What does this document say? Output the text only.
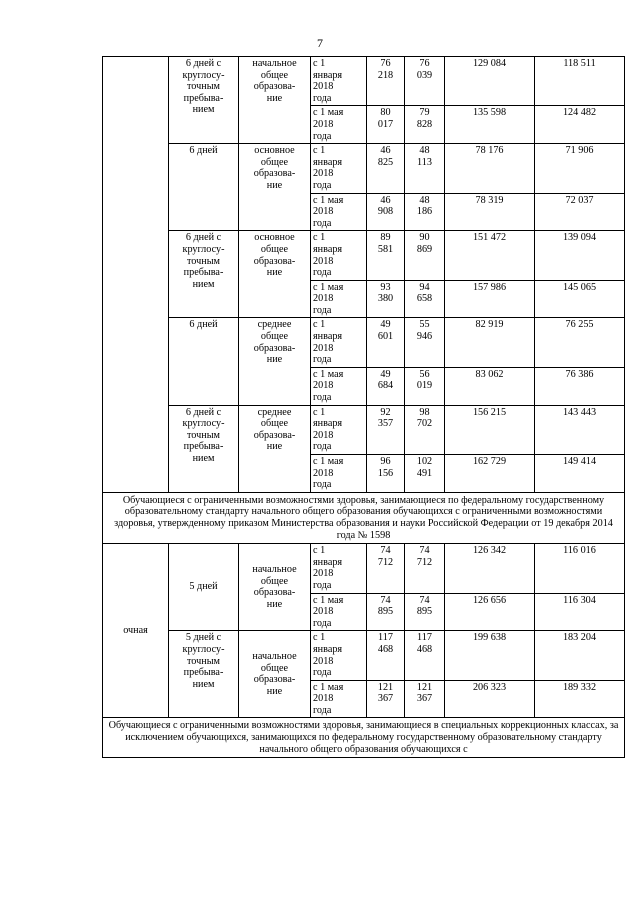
7

	6 дней с
круглосу-
точным
пребыва-
нием	начальное
общее
образова-
ние	с 1
января
2018
года	76
218	76
039	129 084	118 511

			с 1 мая
2018
года	80
017	79
828	135 598	124 482

	6 дней	основное
общее
образова-
ние	с 1
января
2018
года	46
825	48
113	78 176	71 906

			с 1 мая
2018
года	46
908	48
186	78 319	72 037

	6 дней с
круглосу-
точным
пребыва-
нием	основное
общее
образова-
ние	с 1
января
2018
года	89
581	90
869	151 472	139 094

			с 1 мая
2018
года	93
380	94
658	157 986	145 065

	6 дней	среднее
общее
образова-
ние	с 1
января
2018
года	49
601	55
946	82 919	76 255

			с 1 мая
2018
года	49
684	56
019	83 062	76 386

	6 дней с
круглосу-
точным
пребыва-
нием	среднее
общее
образова-
ние	с 1
января
2018
года	92
357	98
702	156 215	143 443

			с 1 мая
2018
года	96
156	102
491	162 729	149 414
Обучающиеся с ограниченными возможностями здоровья, занимающиеся по федеральному государственному образовательному стандарту начального общего образования обучающихся с ограниченными возможностями здоровья, утвержденному приказом Министерства образования и науки Российской Федерации от 19 декабря 2014 года № 1598							
очная	5 дней	начальное
общее
образова-
ние	с 1
января
2018
года	74
712	74
712	126 342	116 016

			с 1 мая
2018
года	74
895	74
895	126 656	116 304

	5 дней с
круглосу-
точным
пребыва-
нием	начальное
общее
образова-
ние	с 1
января
2018
года	117
468	117
468	199 638	183 204

			с 1 мая
2018
года	121
367	121
367	206 323	189 332
Обучающиеся с ограниченными возможностями здоровья, занимающиеся в специальных коррекционных классах, за исключением обучающихся, занимающихся по федеральному государственному образовательному стандарту начального общего образования обучающихся с							
